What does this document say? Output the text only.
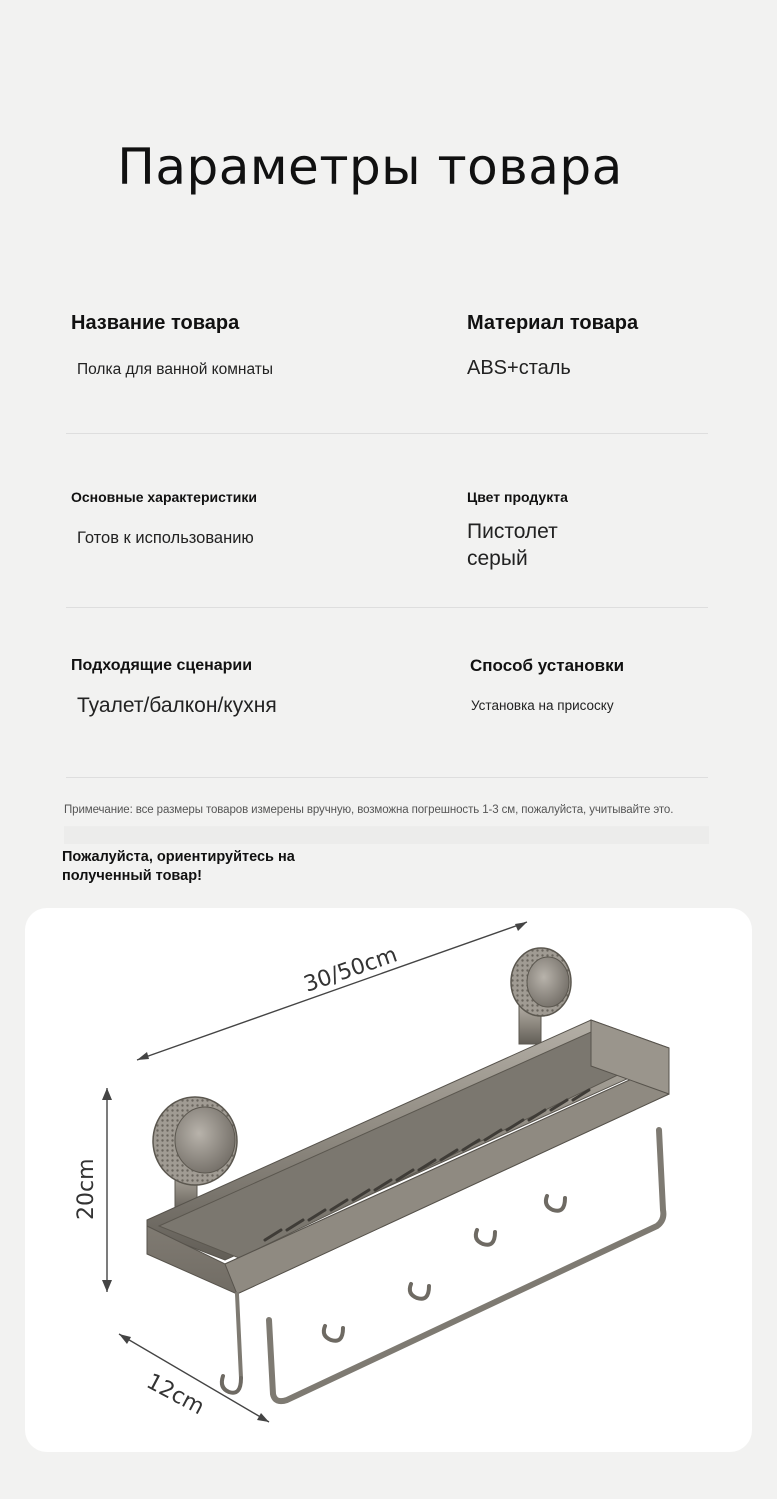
Параметры товара
Название товара
Полка для ванной комнаты
Материал товара
ABS+сталь
Основные характеристики
Готов к использованию
Цвет продукта
Пистолет серый
Подходящие сценарии
Туалет/балкон/кухня
Способ установки
Установка на присоску
Примечание: все размеры товаров измерены вручную, возможна погрешность 1-3 см, пожалуйста, учитывайте это.
Пожалуйста, ориентируйтесь на полученный товар!
30/50cm
20cm
12cm
